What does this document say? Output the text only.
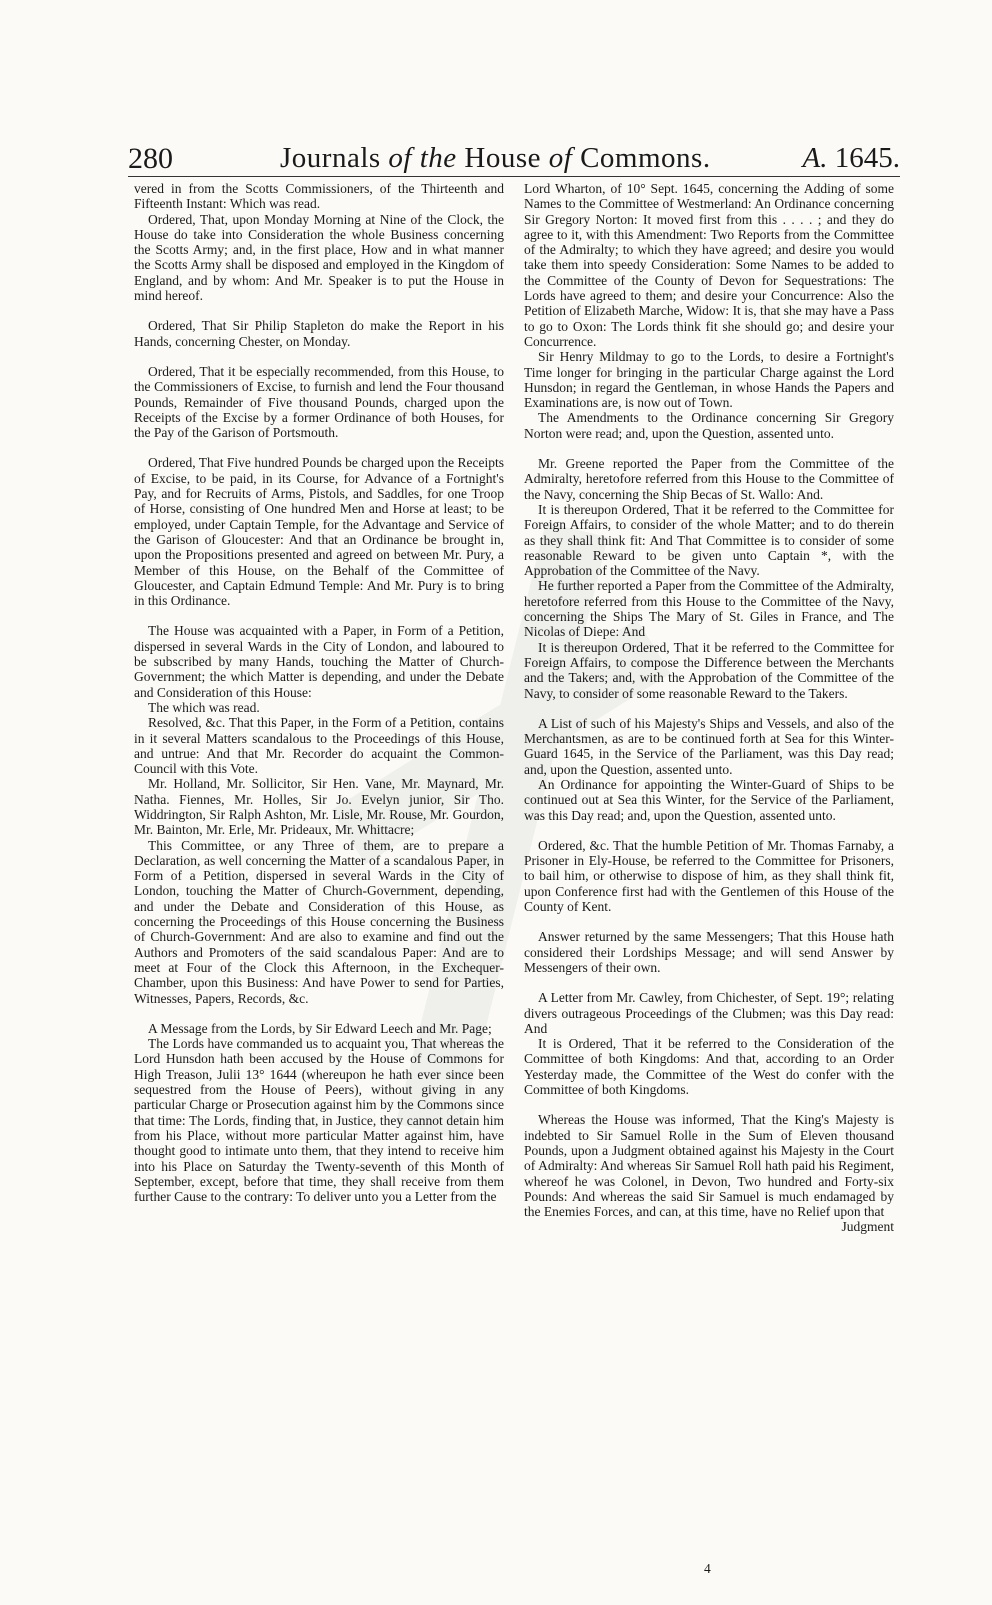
280	Journals of the House of Commons.	A. 1645.

vered in from the Scotts Commissioners, of the Thirteenth and Fifteenth Instant: Which was read.

Ordered, That, upon Monday Morning at Nine of the Clock, the House do take into Consideration the whole Business concerning the Scotts Army; and, in the first place, How and in what manner the Scotts Army shall be disposed and employed in the Kingdom of England, and by whom: And Mr. Speaker is to put the House in mind hereof.

Ordered, That Sir Philip Stapleton do make the Report in his Hands, concerning Chester, on Monday.

Ordered, That it be especially recommended, from this House, to the Commissioners of Excise, to furnish and lend the Four thousand Pounds, Remainder of Five thousand Pounds, charged upon the Receipts of the Excise by a former Ordinance of both Houses, for the Pay of the Garison of Portsmouth.

Ordered, That Five hundred Pounds be charged upon the Receipts of Excise, to be paid, in its Course, for Advance of a Fortnight's Pay, and for Recruits of Arms, Pistols, and Saddles, for one Troop of Horse, consisting of One hundred Men and Horse at least; to be employed, under Captain Temple, for the Advantage and Service of the Garison of Gloucester: And that an Ordinance be brought in, upon the Propositions presented and agreed on between Mr. Pury, a Member of this House, on the Behalf of the Committee of Gloucester, and Captain Edmund Temple: And Mr. Pury is to bring in this Ordinance.

The House was acquainted with a Paper, in Form of a Petition, dispersed in several Wards in the City of London, and laboured to be subscribed by many Hands, touching the Matter of Church-Government; the which Matter is depending, and under the Debate and Consideration of this House:

The which was read.

Resolved, &c. That this Paper, in the Form of a Petition, contains in it several Matters scandalous to the Proceedings of this House, and untrue: And that Mr. Recorder do acquaint the Common-Council with this Vote.

Mr. Holland, Mr. Sollicitor, Sir Hen. Vane, Mr. Maynard, Mr. Natha. Fiennes, Mr. Holles, Sir Jo. Evelyn junior, Sir Tho. Widdrington, Sir Ralph Ashton, Mr. Lisle, Mr. Rouse, Mr. Gourdon, Mr. Bainton, Mr. Erle, Mr. Prideaux, Mr. Whittacre;

This Committee, or any Three of them, are to prepare a Declaration, as well concerning the Matter of a scandalous Paper, in Form of a Petition, dispersed in several Wards in the City of London, touching the Matter of Church-Government, depending, and under the Debate and Consideration of this House, as concerning the Proceedings of this House concerning the Business of Church-Government: And are also to examine and find out the Authors and Promoters of the said scandalous Paper: And are to meet at Four of the Clock this Afternoon, in the Exchequer-Chamber, upon this Business: And have Power to send for Parties, Witnesses, Papers, Records, &c.

A Message from the Lords, by Sir Edward Leech and Mr. Page;

The Lords have commanded us to acquaint you, That whereas the Lord Hunsdon hath been accused by the House of Commons for High Treason, Julii 13° 1644 (whereupon he hath ever since been sequestred from the House of Peers), without giving in any particular Charge or Prosecution against him by the Commons since that time: The Lords, finding that, in Justice, they cannot detain him from his Place, without more particular Matter against him, have thought good to intimate unto them, that they intend to receive him into his Place on Saturday the Twenty-seventh of this Month of September, except, before that time, they shall receive from them further Cause to the contrary: To deliver unto you a Letter from the

Lord Wharton, of 10° Sept. 1645, concerning the Adding of some Names to the Committee of Westmerland: An Ordinance concerning Sir Gregory Norton: It moved first from this . . . . ; and they do agree to it, with this Amendment: Two Reports from the Committee of the Admiralty; to which they have agreed; and desire you would take them into speedy Consideration: Some Names to be added to the Committee of the County of Devon for Sequestrations: The Lords have agreed to them; and desire your Concurrence: Also the Petition of Elizabeth Marche, Widow: It is, that she may have a Pass to go to Oxon: The Lords think fit she should go; and desire your Concurrence.

Sir Henry Mildmay to go to the Lords, to desire a Fortnight's Time longer for bringing in the particular Charge against the Lord Hunsdon; in regard the Gentleman, in whose Hands the Papers and Examinations are, is now out of Town.

The Amendments to the Ordinance concerning Sir Gregory Norton were read; and, upon the Question, assented unto.

Mr. Greene reported the Paper from the Committee of the Admiralty, heretofore referred from this House to the Committee of the Navy, concerning the Ship Becas of St. Wallo: And.

It is thereupon Ordered, That it be referred to the Committee for Foreign Affairs, to consider of the whole Matter; and to do therein as they shall think fit: And That Committee is to consider of some reasonable Reward to be given unto Captain *, with the Approbation of the Committee of the Navy.

He further reported a Paper from the Committee of the Admiralty, heretofore referred from this House to the Committee of the Navy, concerning the Ships The Mary of St. Giles in France, and The Nicolas of Diepe: And

It is thereupon Ordered, That it be referred to the Committee for Foreign Affairs, to compose the Difference between the Merchants and the Takers; and, with the Approbation of the Committee of the Navy, to consider of some reasonable Reward to the Takers.

A List of such of his Majesty's Ships and Vessels, and also of the Merchantsmen, as are to be continued forth at Sea for this Winter-Guard 1645, in the Service of the Parliament, was this Day read; and, upon the Question, assented unto.

An Ordinance for appointing the Winter-Guard of Ships to be continued out at Sea this Winter, for the Service of the Parliament, was this Day read; and, upon the Question, assented unto.

Ordered, &c. That the humble Petition of Mr. Thomas Farnaby, a Prisoner in Ely-House, be referred to the Committee for Prisoners, to bail him, or otherwise to dispose of him, as they shall think fit, upon Conference first had with the Gentlemen of this House of the County of Kent.

Answer returned by the same Messengers; That this House hath considered their Lordships Message; and will send Answer by Messengers of their own.

A Letter from Mr. Cawley, from Chichester, of Sept. 19°; relating divers outrageous Proceedings of the Clubmen; was this Day read: And

It is Ordered, That it be referred to the Consideration of the Committee of both Kingdoms: And that, according to an Order Yesterday made, the Committee of the West do confer with the Committee of both Kingdoms.

Whereas the House was informed, That the King's Majesty is indebted to Sir Samuel Rolle in the Sum of Eleven thousand Pounds, upon a Judgment obtained against his Majesty in the Court of Admiralty: And whereas Sir Samuel Roll hath paid his Regiment, whereof he was Colonel, in Devon, Two hundred and Forty-six Pounds: And whereas the said Sir Samuel is much endamaged by the Enemies Forces, and can, at this time, have no Relief upon that

Judgment

4
